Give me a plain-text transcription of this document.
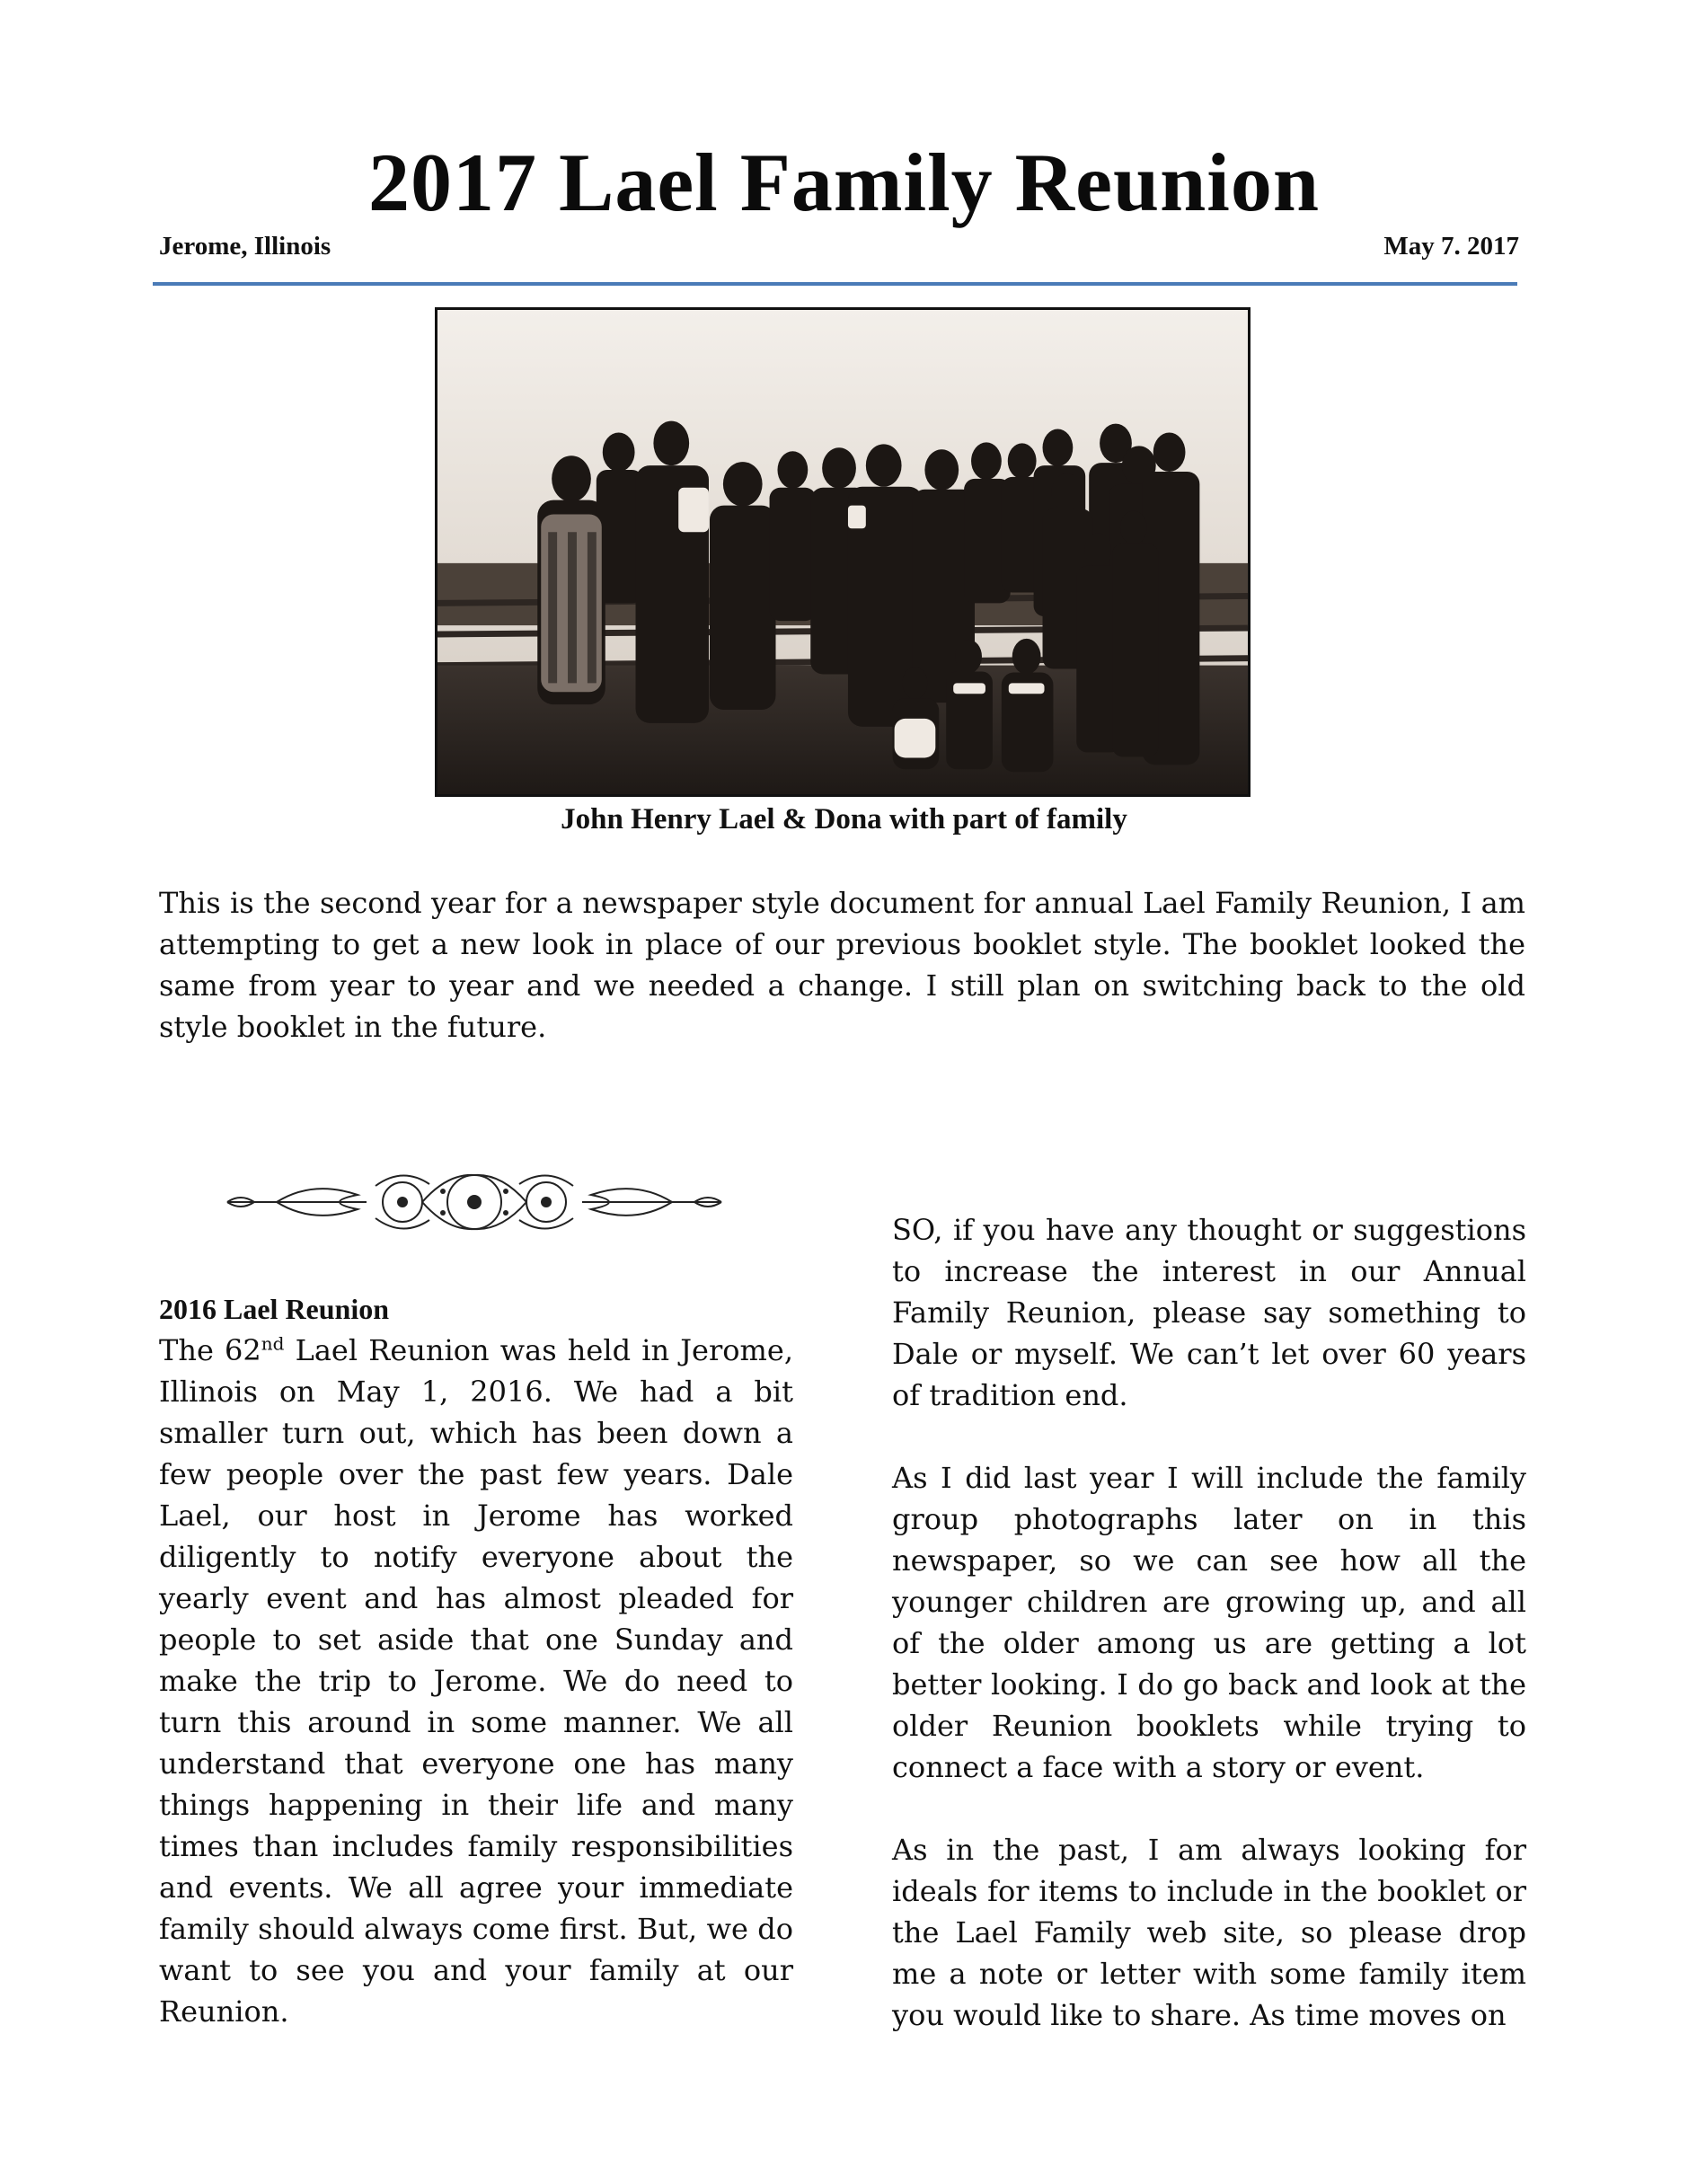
2017 Lael Family Reunion
Jerome, Illinois	May 7. 2017
John Henry Lael & Dona with part of family
This is the second year for a newspaper style document for annual Lael Family Reunion, I am attempting to get a new look in place of our previous booklet style. The booklet looked the same from year to year and we needed a change. I still plan on switching back to the old style booklet in the future.
2016 Lael Reunion

The 62nd Lael Reunion was held in Jerome, Illinois on May 1, 2016. We had a bit smaller turn out, which has been down a few people over the past few years. Dale Lael, our host in Jerome has worked diligently to notify everyone about the yearly event and has almost pleaded for people to set aside that one Sunday and make the trip to Jerome. We do need to turn this around in some manner. We all understand that everyone one has many things happening in their life and many times than includes family responsibilities and events. We all agree your immediate family should always come first. But, we do want to see you and your family at our Reunion.

SO, if you have any thought or suggestions to increase the interest in our Annual Family Reunion, please say something to Dale or myself. We can’t let over 60 years of tradition end.

As I did last year I will include the family group photographs later on in this newspaper, so we can see how all the younger children are growing up, and all of the older among us are getting a lot better looking. I do go back and look at the older Reunion booklets while trying to connect a face with a story or event.

As in the past, I am always looking for ideals for items to include in the booklet or the Lael Family web site, so please drop me a note or letter with some family item you would like to share. As time moves on
